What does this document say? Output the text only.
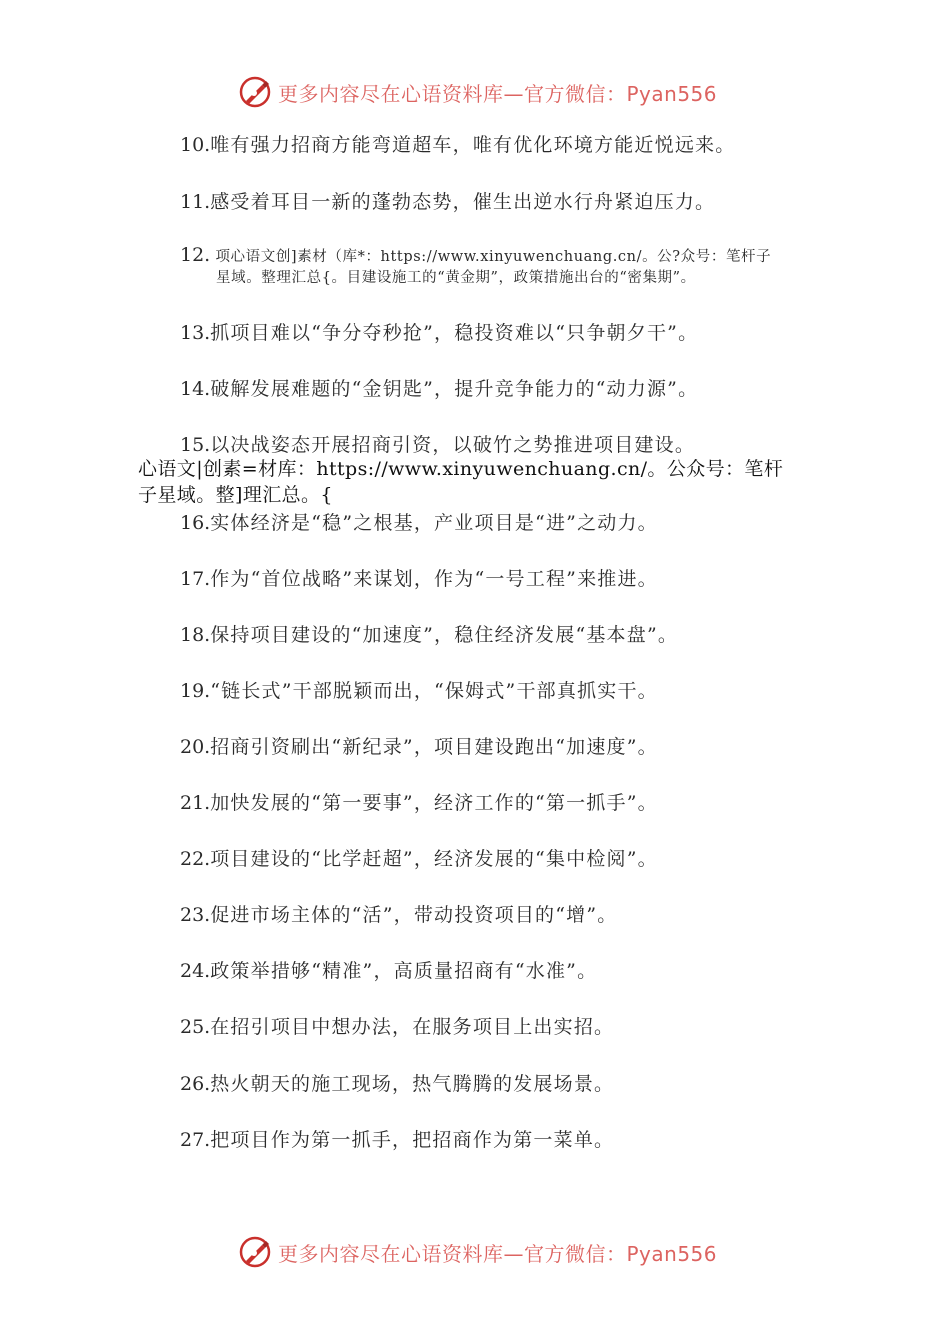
更多内容尽在心语资料库—官方微信：Pyan556
10.唯有强力招商方能弯道超车，唯有优化环境方能近悦远来。
11.感受着耳目一新的蓬勃态势，催生出逆水行舟紧迫压力。
12. 项心语文创]素材（库*：https://www.xinyuwenchuang.cn/。公?众号：笔杆子
星域。整理汇总{。目建设施工的“黄金期”，政策措施出台的“密集期”。
13.抓项目难以“争分夺秒抢”，稳投资难以“只争朝夕干”。
14.破解发展难题的“金钥匙”，提升竞争能力的“动力源”。
15.以决战姿态开展招商引资，以破竹之势推进项目建设。
心语文|创素=材库：https://www.xinyuwenchuang.cn/。公众号：笔杆
子星域。整]理汇总。{
16.实体经济是“稳”之根基，产业项目是“进”之动力。
17.作为“首位战略”来谋划，作为“一号工程”来推进。
18.保持项目建设的“加速度”，稳住经济发展“基本盘”。
19.“链长式”干部脱颖而出，“保姆式”干部真抓实干。
20.招商引资刷出“新纪录”，项目建设跑出“加速度”。
21.加快发展的“第一要事”，经济工作的“第一抓手”。
22.项目建设的“比学赶超”，经济发展的“集中检阅”。
23.促进市场主体的“活”，带动投资项目的“增”。
24.政策举措够“精准”，高质量招商有“水准”。
25.在招引项目中想办法，在服务项目上出实招。
26.热火朝天的施工现场，热气腾腾的发展场景。
27.把项目作为第一抓手，把招商作为第一菜单。
更多内容尽在心语资料库—官方微信：Pyan556
